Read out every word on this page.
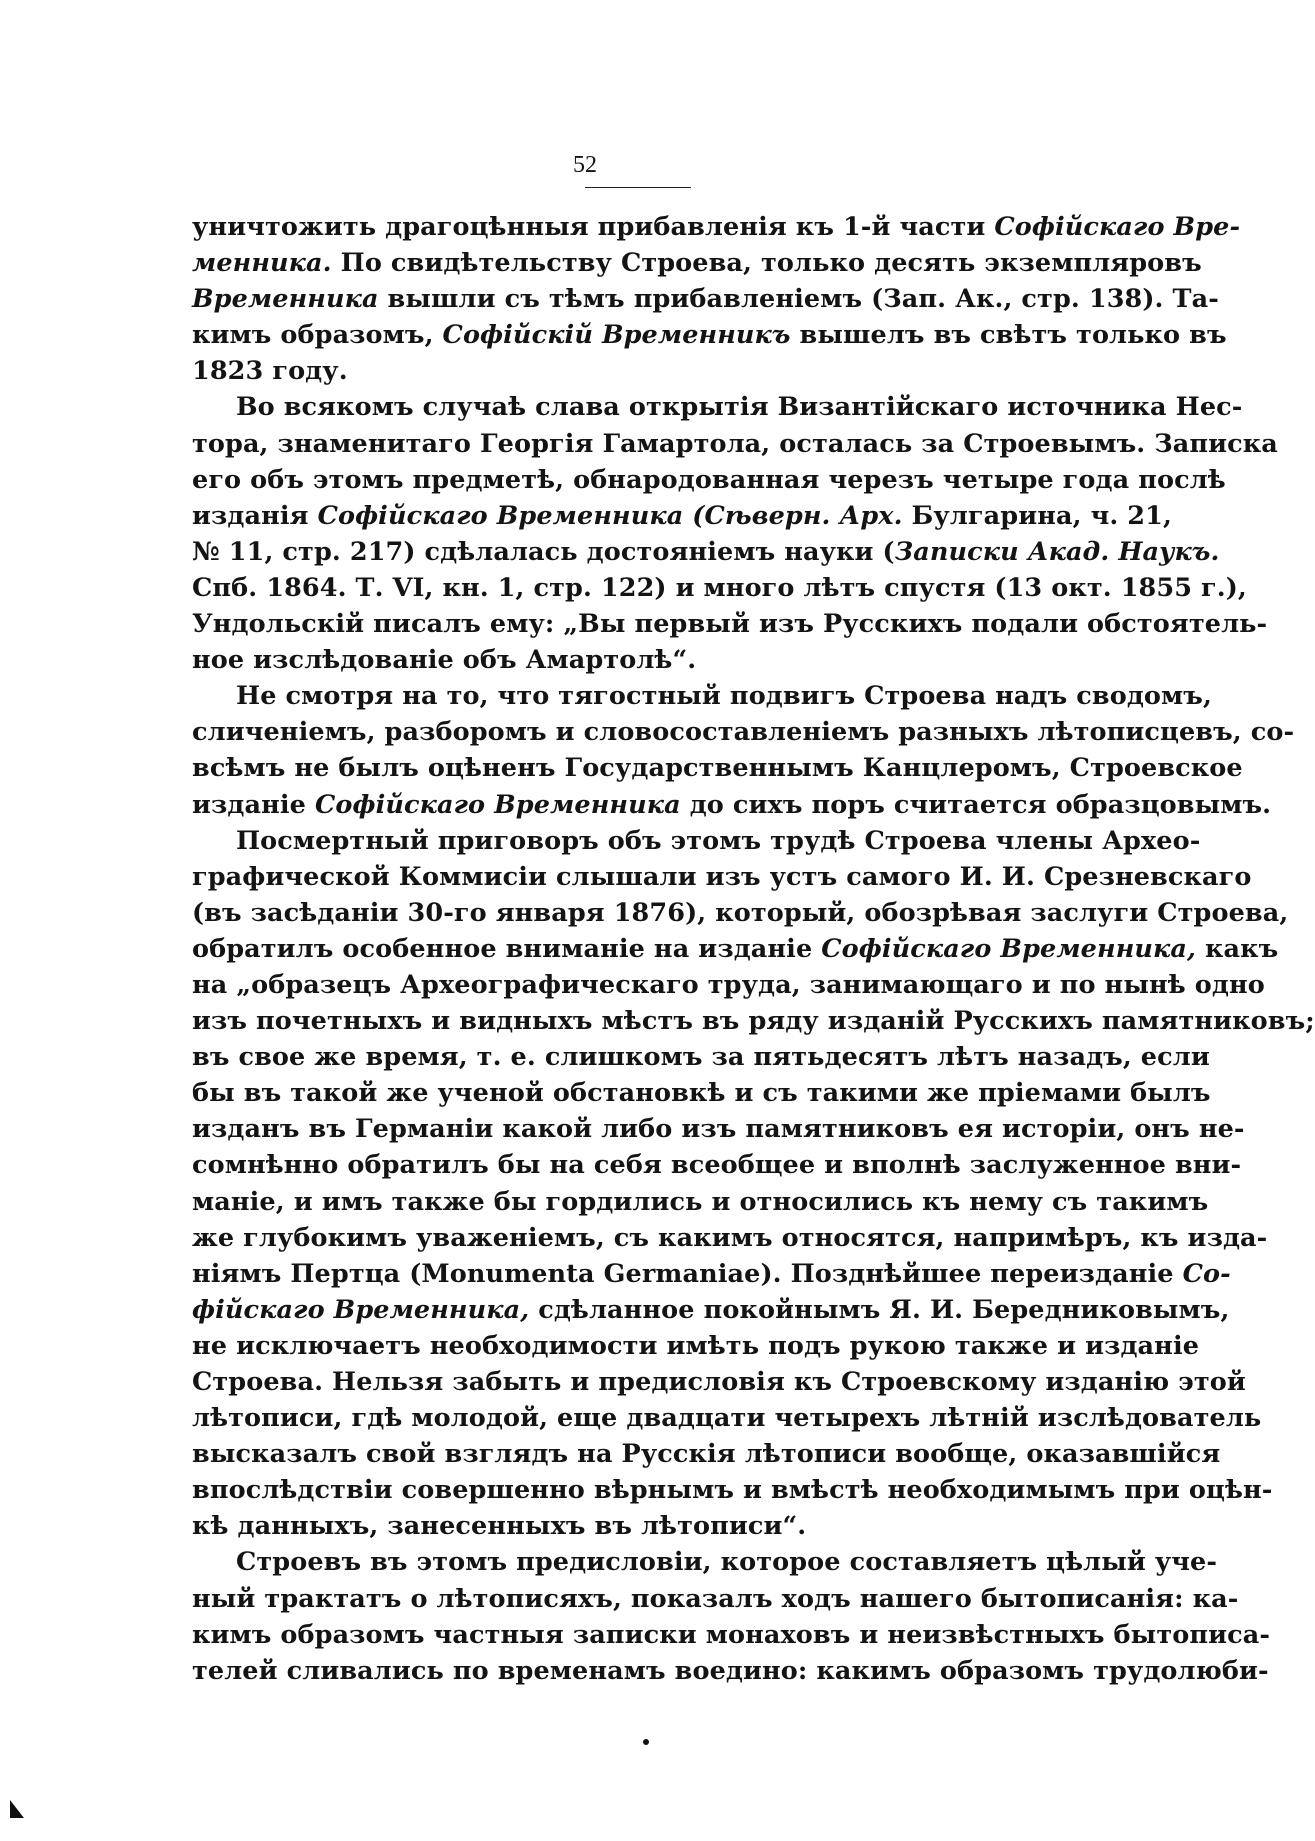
52
уничтожить драгоцѣнныя прибавленія къ 1-й части Софійскаго Вре-
менника. По свидѣтельству Строева, только десять экземпляровъ
Временника вышли съ тѣмъ прибавленіемъ (Зап. Ак., стр. 138). Та-
кимъ образомъ, Софійскій Временникъ вышелъ въ свѣтъ только въ
1823 году.
Во всякомъ случаѣ слава открытія Византійскаго источника Нес-
тора, знаменитаго Георгія Гамартола, осталась за Строевымъ. Записка
его объ этомъ предметѣ, обнародованная черезъ четыре года послѣ
изданія Софійскаго Временника (Сѣверн. Арх. Булгарина, ч. 21,
№ 11, стр. 217) сдѣлалась достояніемъ науки (Записки Акад. Наукъ.
Спб. 1864. Т. VI, кн. 1, стр. 122) и много лѣтъ спустя (13 окт. 1855 г.),
Ундольскій писалъ ему: „Вы первый изъ Русскихъ подали обстоятель-
ное изслѣдованіе объ Амартолѣ“.
Не смотря на то, что тягостный подвигъ Строева надъ сводомъ,
сличеніемъ, разборомъ и словосоставленіемъ разныхъ лѣтописцевъ, со-
всѣмъ не былъ оцѣненъ Государственнымъ Канцлеромъ, Строевское
изданіе Софійскаго Временника до сихъ поръ считается образцовымъ.
Посмертный приговоръ объ этомъ трудѣ Строева члены Археo-
графической Коммисіи слышали изъ устъ самого И. И. Срезневскаго
(въ засѣданіи 30-го января 1876), который, обозрѣвая заслуги Строева,
обратилъ особенное вниманіе на изданіе Софійскаго Временника, какъ
на „образецъ Археографическаго труда, занимающаго и по нынѣ одно
изъ почетныхъ и видныхъ мѣстъ въ ряду изданій Русскихъ памятниковъ;
въ свое же время, т. е. слишкомъ за пятьдесятъ лѣтъ назадъ, если
бы въ такой же ученой обстановкѣ и съ такими же пріемами былъ
изданъ въ Германіи какой либо изъ памятниковъ ея исторіи, онъ не-
сомнѣнно обратилъ бы на себя всеобщее и вполнѣ заслуженное вни-
маніе, и имъ также бы гордились и относились къ нему съ такимъ
же глубокимъ уваженіемъ, съ какимъ относятся, напримѣръ, къ изда-
ніямъ Пертца (Monumenta Germaniae). Позднѣйшее переизданіе Со-
фійскаго Временника, сдѣланное покойнымъ Я. И. Бередниковымъ,
не исключаетъ необходимости имѣть подъ рукою также и изданіе
Строева. Нельзя забыть и предисловія къ Строевскому изданію этой
лѣтописи, гдѣ молодой, еще двадцати четырехъ лѣтній изслѣдователь
высказалъ свой взглядъ на Русскія лѣтописи вообще, оказавшійся
впослѣдствіи совершенно вѣрнымъ и вмѣстѣ необходимымъ при оцѣн-
кѣ данныхъ, занесенныхъ въ лѣтописи“.
Строевъ въ этомъ предисловіи, которое составляетъ цѣлый уче-
ный трактатъ о лѣтописяхъ, показалъ ходъ нашего бытописанія: ка-
кимъ образомъ частныя записки монаховъ и неизвѣстныхъ бытописа-
телей сливались по временамъ воедино: какимъ образомъ трудолюби-
